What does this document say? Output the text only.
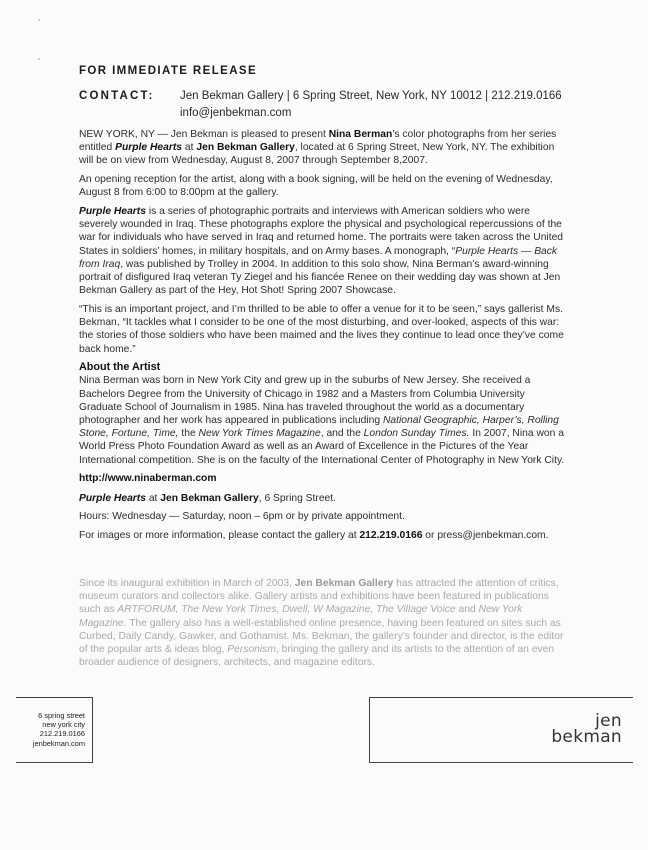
FOR IMMEDIATE RELEASE
CONTACT: Jen Bekman Gallery | 6 Spring Street, New York, NY 10012 | 212.219.0166
info@jenbekman.com

NEW YORK, NY — Jen Bekman is pleased to present Nina Berman’s color photographs from her series entitled Purple Hearts at Jen Bekman Gallery, located at 6 Spring Street, New York, NY. The exhibition will be on view from Wednesday, August 8, 2007 through September 8,2007.

An opening reception for the artist, along with a book signing, will be held on the evening of Wednesday, August 8 from 6:00 to 8:00pm at the gallery.

Purple Hearts is a series of photographic portraits and interviews with American soldiers who were severely wounded in Iraq. These photographs explore the physical and psychological repercussions of the war for individuals who have served in Iraq and returned home. The portraits were taken across the United States in soldiers’ homes, in military hospitals, and on Army bases. A monograph, “Purple Hearts — Back from Iraq, was published by Trolley in 2004. In addition to this solo show, Nina Berman’s award-winning portrait of disfigured Iraq veteran Ty Ziegel and his fiancée Renee on their wedding day was shown at Jen Bekman Gallery as part of the Hey, Hot Shot! Spring 2007 Showcase.

“This is an important project, and I’m thrilled to be able to offer a venue for it to be seen,” says gallerist Ms. Bekman, “It tackles what I consider to be one of the most disturbing, and over-looked, aspects of this war: the stories of those soldiers who have been maimed and the lives they continue to lead once they’ve come back home.”

About the Artist

Nina Berman was born in New York City and grew up in the suburbs of New Jersey. She received a Bachelors Degree from the University of Chicago in 1982 and a Masters from Columbia University Graduate School of Journalism in 1985. Nina has traveled throughout the world as a documentary photographer and her work has appeared in publications including National Geographic, Harper’s, Rolling Stone, Fortune, Time, the New York Times Magazine, and the London Sunday Times. In 2007, Nina won a World Press Photo Foundation Award as well as an Award of Excellence in the Pictures of the Year International competition. She is on the faculty of the International Center of Photography in New York City.

http://www.ninaberman.com

Purple Hearts at Jen Bekman Gallery, 6 Spring Street.

Hours: Wednesday — Saturday, noon – 6pm or by private appointment.

For images or more information, please contact the gallery at 212.219.0166 or press@jenbekman.com.

Since its inaugural exhibition in March of 2003, Jen Bekman Gallery has attracted the attention of critics, museum curators and collectors alike. Gallery artists and exhibitions have been featured in publications such as ARTFORUM, The New York Times, Dwell, W Magazine, The Village Voice and New York Magazine. The gallery also has a well-established online presence, having been featured on sites such as Curbed, Daily Candy, Gawker, and Gothamist. Ms. Bekman, the gallery’s founder and director, is the editor of the popular arts & ideas blog, Personism, bringing the gallery and its artists to the attention of an even broader audience of designers, architects, and magazine editors.
6 spring street
new york city
212.219.0166
jenbekman.com
jen
bekman
